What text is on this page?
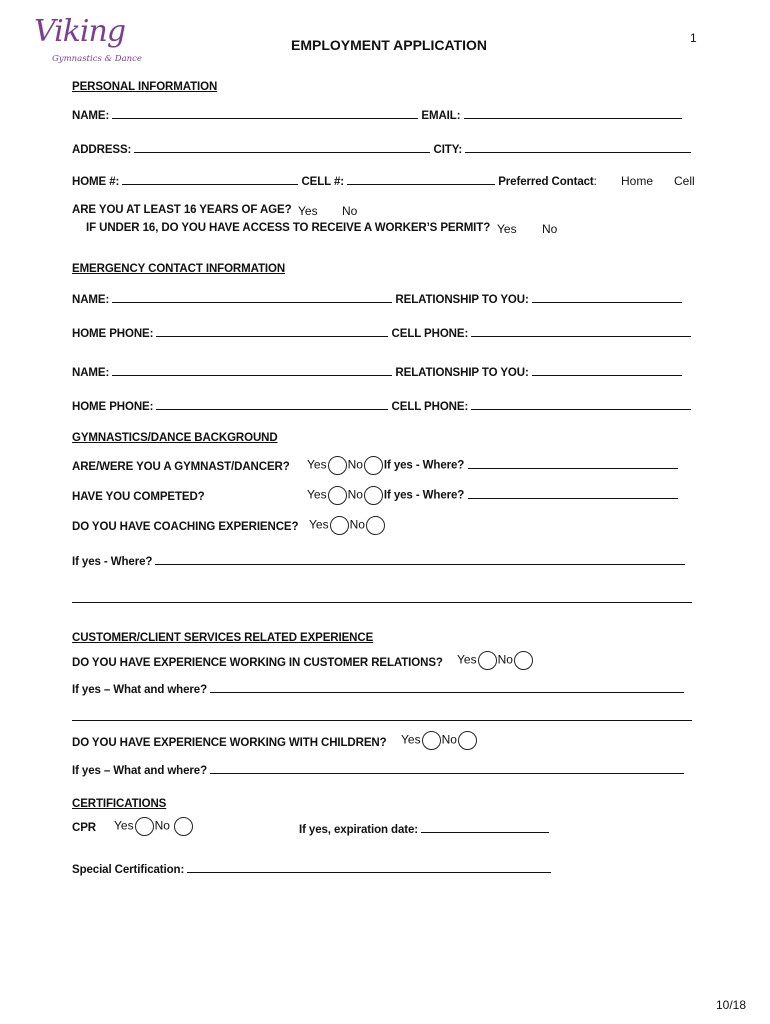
Viking
Gymnastics & Dance
1
EMPLOYMENT APPLICATION
PERSONAL INFORMATION
NAME:	EMAIL:
ADDRESS:	CITY:
HOME #:	CELL #:	Preferred Contact: Home Cell
ARE YOU AT LEAST 16 YEARS OF AGE? Yes No
IF UNDER 16, DO YOU HAVE ACCESS TO RECEIVE A WORKER’S PERMIT? Yes No
EMERGENCY CONTACT INFORMATION
NAME:	RELATIONSHIP TO YOU:
HOME PHONE:	CELL PHONE:
NAME:	RELATIONSHIP TO YOU:
HOME PHONE:	CELL PHONE:
GYMNASTICS/DANCE BACKGROUND
ARE/WERE YOU A GYMNAST/DANCER? Yes No If yes - Where?
HAVE YOU COMPETED?	Yes No If yes - Where?
DO YOU HAVE COACHING EXPERIENCE? Yes No
If yes - Where?
CUSTOMER/CLIENT SERVICES RELATED EXPERIENCE
DO YOU HAVE EXPERIENCE WORKING IN CUSTOMER RELATIONS? Yes No
If yes – What and where?
DO YOU HAVE EXPERIENCE WORKING WITH CHILDREN? Yes No
If yes – What and where?
CERTIFICATIONS
CPR Yes No	If yes, expiration date:
Special Certification:
10/18
